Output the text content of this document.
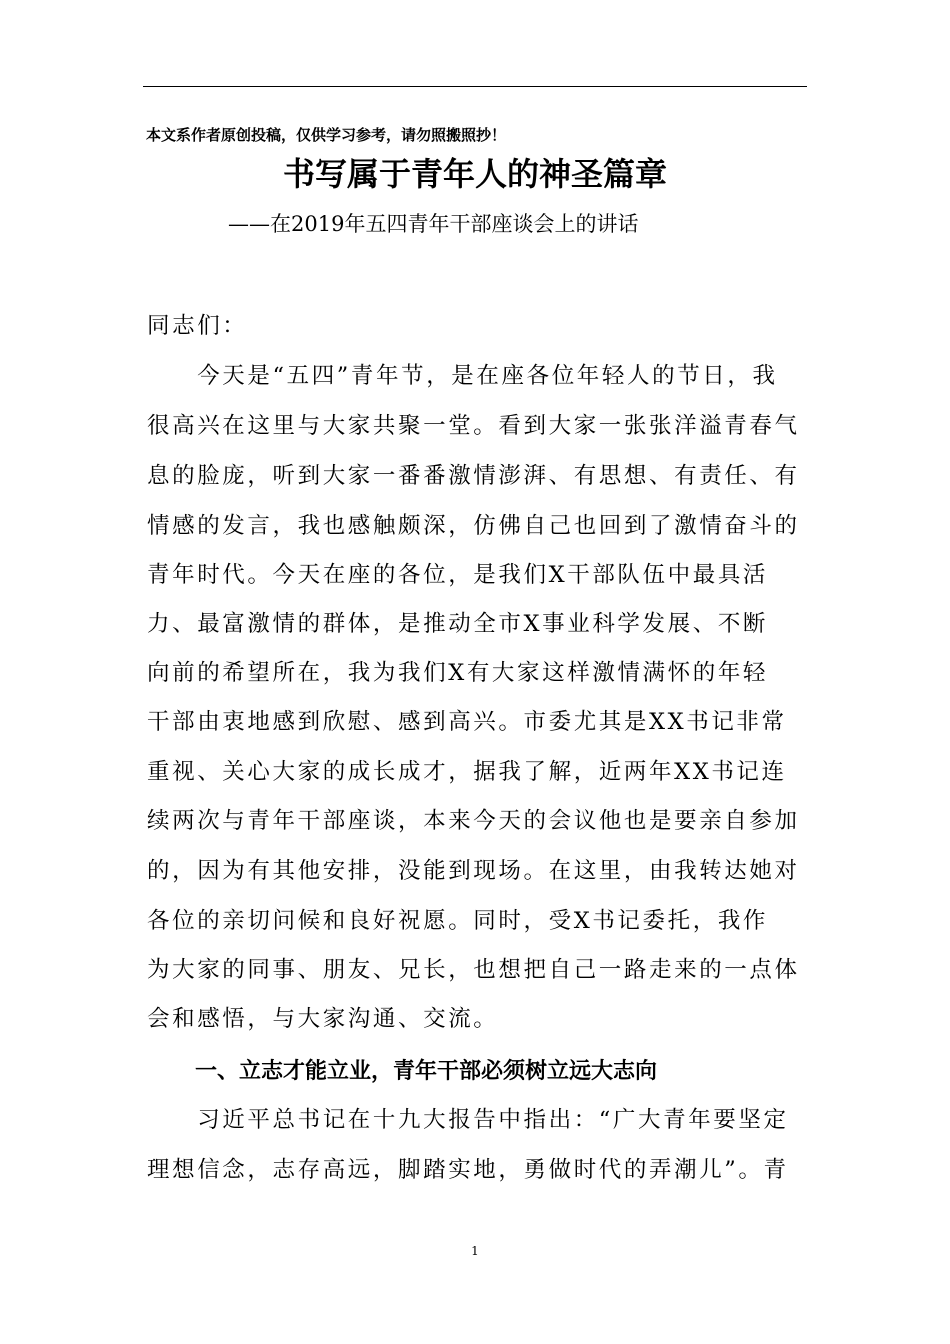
本文系作者原创投稿，仅供学习参考，请勿照搬照抄！
书写属于青年人的神圣篇章
——在2019年五四青年干部座谈会上的讲话
同志们：
　　今天是“五四”青年节，是在座各位年轻人的节日，我
很高兴在这里与大家共聚一堂。看到大家一张张洋溢青春气
息的脸庞，听到大家一番番激情澎湃、有思想、有责任、有
情感的发言，我也感触颇深，仿佛自己也回到了激情奋斗的
青年时代。今天在座的各位，是我们X干部队伍中最具活
力、最富激情的群体，是推动全市X事业科学发展、不断
向前的希望所在，我为我们X有大家这样激情满怀的年轻
干部由衷地感到欣慰、感到高兴。市委尤其是XX书记非常
重视、关心大家的成长成才，据我了解，近两年XX书记连
续两次与青年干部座谈，本来今天的会议他也是要亲自参加
的，因为有其他安排，没能到现场。在这里，由我转达她对
各位的亲切问候和良好祝愿。同时，受X书记委托，我作
为大家的同事、朋友、兄长，也想把自己一路走来的一点体
会和感悟，与大家沟通、交流。
一、立志才能立业，青年干部必须树立远大志向
　　习近平总书记在十九大报告中指出：“广大青年要坚定
理想信念，志存高远，脚踏实地，勇做时代的弄潮儿”。青
1
